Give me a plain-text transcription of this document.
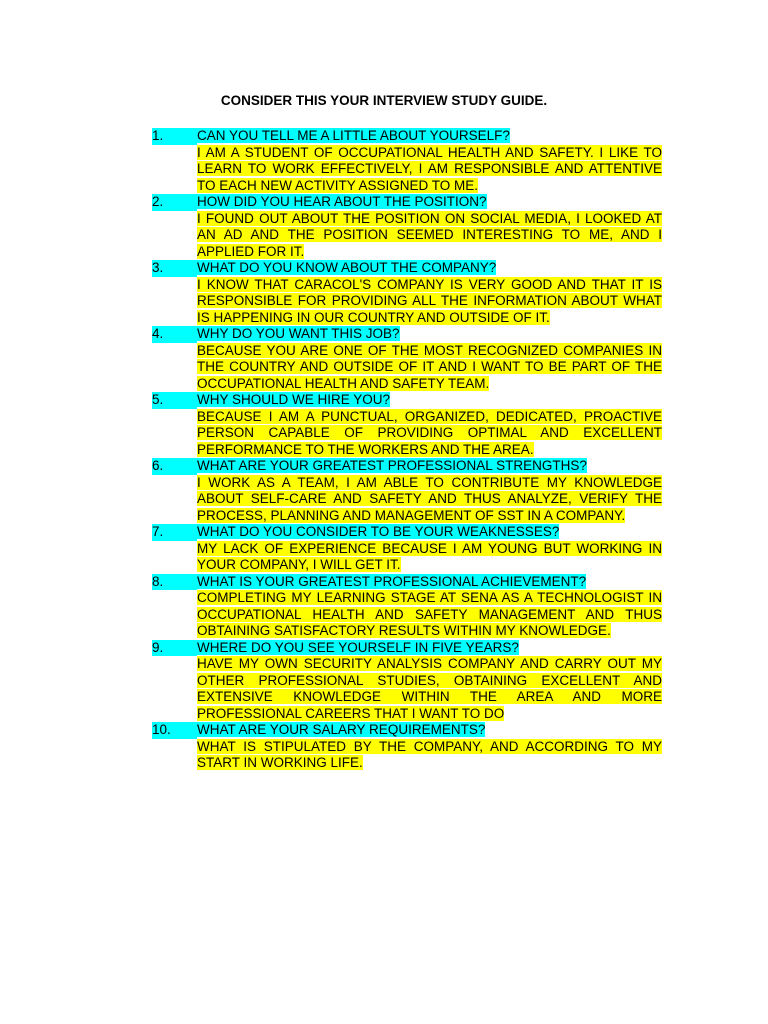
CONSIDER THIS YOUR INTERVIEW STUDY GUIDE.
1.	CAN YOU TELL ME A LITTLE ABOUT YOURSELF?
I AM A STUDENT OF OCCUPATIONAL HEALTH AND SAFETY. I LIKE TO LEARN TO WORK EFFECTIVELY, I AM RESPONSIBLE AND ATTENTIVE TO EACH NEW ACTIVITY ASSIGNED TO ME.
2.	HOW DID YOU HEAR ABOUT THE POSITION?
I FOUND OUT ABOUT THE POSITION ON SOCIAL MEDIA, I LOOKED AT AN AD AND THE POSITION SEEMED INTERESTING TO ME, AND I APPLIED FOR IT.
3.	WHAT DO YOU KNOW ABOUT THE COMPANY?
I KNOW THAT CARACOL'S COMPANY IS VERY GOOD AND THAT IT IS RESPONSIBLE FOR PROVIDING ALL THE INFORMATION ABOUT WHAT IS HAPPENING IN OUR COUNTRY AND OUTSIDE OF IT.
4.	WHY DO YOU WANT THIS JOB?
BECAUSE YOU ARE ONE OF THE MOST RECOGNIZED COMPANIES IN THE COUNTRY AND OUTSIDE OF IT AND I WANT TO BE PART OF THE OCCUPATIONAL HEALTH AND SAFETY TEAM.
5.	WHY SHOULD WE HIRE YOU?
BECAUSE I AM A PUNCTUAL, ORGANIZED, DEDICATED, PROACTIVE PERSON CAPABLE OF PROVIDING OPTIMAL AND EXCELLENT PERFORMANCE TO THE WORKERS AND THE AREA.
6.	WHAT ARE YOUR GREATEST PROFESSIONAL STRENGTHS?
I WORK AS A TEAM, I AM ABLE TO CONTRIBUTE MY KNOWLEDGE ABOUT SELF-CARE AND SAFETY AND THUS ANALYZE, VERIFY THE PROCESS, PLANNING AND MANAGEMENT OF SST IN A COMPANY.
7.	WHAT DO YOU CONSIDER TO BE YOUR WEAKNESSES?
MY LACK OF EXPERIENCE BECAUSE I AM YOUNG BUT WORKING IN YOUR COMPANY, I WILL GET IT.
8.	WHAT IS YOUR GREATEST PROFESSIONAL ACHIEVEMENT?
COMPLETING MY LEARNING STAGE AT SENA AS A TECHNOLOGIST IN OCCUPATIONAL HEALTH AND SAFETY MANAGEMENT AND THUS OBTAINING SATISFACTORY RESULTS WITHIN MY KNOWLEDGE.
9.	WHERE DO YOU SEE YOURSELF IN FIVE YEARS?
HAVE MY OWN SECURITY ANALYSIS COMPANY AND CARRY OUT MY OTHER PROFESSIONAL STUDIES, OBTAINING EXCELLENT AND EXTENSIVE KNOWLEDGE WITHIN THE AREA AND MORE PROFESSIONAL CAREERS THAT I WANT TO DO
10.	WHAT ARE YOUR SALARY REQUIREMENTS?
WHAT IS STIPULATED BY THE COMPANY, AND ACCORDING TO MY START IN WORKING LIFE.
